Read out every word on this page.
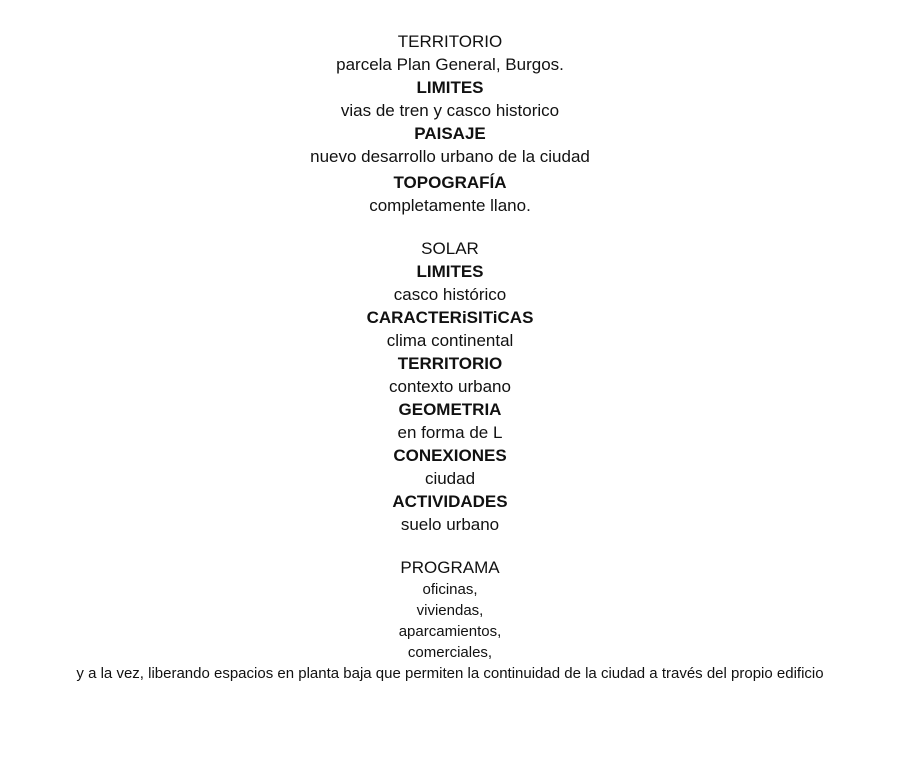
TERRITORIO
parcela Plan General, Burgos.
LIMITES
vias de tren y casco historico
PAISAJE
nuevo desarrollo urbano de la ciudad
TOPOGRAFÍA
completamente llano.
SOLAR
LIMITES
casco histórico
CARACTERiSITiCAS
clima continental
TERRITORIO
contexto urbano
GEOMETRIA
en forma de L
CONEXIONES
ciudad
ACTIVIDADES
suelo urbano
PROGRAMA
oficinas,
viviendas,
aparcamientos,
comerciales,
y a la vez, liberando espacios en planta baja que permiten la continuidad de la ciudad a través del propio edificio
